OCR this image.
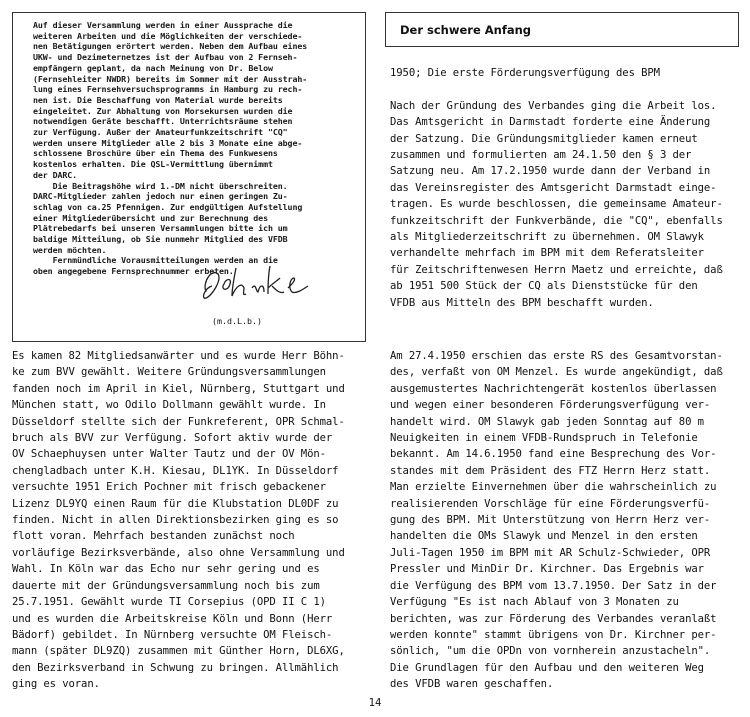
Auf dieser Versammlung werden in einer Aussprache die

weiteren Arbeiten und die Möglichkeiten der verschiede-

nen Betätigungen erörtert werden. Neben dem Aufbau eines

UKW- und Dezimeternetzes ist der Aufbau von 2 Fernseh-

empfängern geplant, da nach Meinung von Dr. Below

(Fernsehleiter NWDR) bereits im Sommer mit der Ausstrah-

lung eines Fernsehversuchsprogramms in Hamburg zu rech-

nen ist. Die Beschaffung von Material wurde bereits

eingeleitet. Zur Abhaltung von Morsekursen wurden die

notwendigen Geräte beschafft. Unterrichtsräume stehen

zur Verfügung. Außer der Amateurfunkzeitschrift "CQ"

werden unsere Mitglieder alle 2 bis 3 Monate eine abge-

schlossene Broschüre über ein Thema des Funkwesens

kostenlos erhalten. Die QSL-Vermittlung übernimmt

der DARC.

Die Beitragshöhe wird 1.-DM nicht überschreiten.

DARC-Mitglieder zahlen jedoch nur einen geringen Zu-

schlag von ca.25 Pfennigen. Zur endgültigen Aufstellung

einer Mitgliederübersicht und zur Berechnung des

Plätrebedarfs bei unseren Versammlungen bitte ich um

baldige Mitteilung, ob Sie nunmehr Mitglied des VFDB

werden möchten.

Fernmündliche Vorausmitteilungen werden an die

oben angegebene Fernsprechnummer erbeten.

(m.d.L.b.)
Der schwere Anfang

1950; Die erste Förderungsverfügung des BPM

Nach der Gründung des Verbandes ging die Arbeit los.

Das Amtsgericht in Darmstadt forderte eine Änderung

der Satzung. Die Gründungsmitglieder kamen erneut

zusammen und formulierten am 24.1.50 den § 3 der

Satzung neu. Am 17.2.1950 wurde dann der Verband in

das Vereinsregister des Amtsgericht Darmstadt einge-

tragen. Es wurde beschlossen, die gemeinsame Amateur-

funkzeitschrift der Funkverbände, die "CQ", ebenfalls

als Mitgliederzeitschrift zu übernehmen. OM Slawyk

verhandelte mehrfach im BPM mit dem Referatsleiter

für Zeitschriftenwesen Herrn Maetz und erreichte, daß

ab 1951 500 Stück der CQ als Dienststücke für den

VFDB aus Mitteln des BPM beschafft wurden.

Es kamen 82 Mitgliedsanwärter und es wurde Herr Böhn-

ke zum BVV gewählt. Weitere Gründungsversammlungen

fanden noch im April in Kiel, Nürnberg, Stuttgart und

München statt, wo Odilo Dollmann gewählt wurde. In

Düsseldorf stellte sich der Funkreferent, OPR Schmal-

bruch als BVV zur Verfügung. Sofort aktiv wurde der

OV Schaephuysen unter Walter Tautz und der OV Mön-

chengladbach unter K.H. Kiesau, DL1YK. In Düsseldorf

versuchte 1951 Erich Pochner mit frisch gebackener

Lizenz DL9YQ einen Raum für die Klubstation DL0DF zu

finden. Nicht in allen Direktionsbezirken ging es so

flott voran. Mehrfach bestanden zunächst noch

vorläufige Bezirksverbände, also ohne Versammlung und

Wahl. In Köln war das Echo nur sehr gering und es

dauerte mit der Gründungsversammlung noch bis zum

25.7.1951. Gewählt wurde TI Corsepius (OPD II C 1)

und es wurden die Arbeitskreise Köln und Bonn (Herr

Bädorf) gebildet. In Nürnberg versuchte OM Fleisch-

mann (später DL9ZQ) zusammen mit Günther Horn, DL6XG,

den Bezirksverband in Schwung zu bringen. Allmählich

ging es voran.

Am 27.4.1950 erschien das erste RS des Gesamtvorstan-

des, verfaßt von OM Menzel. Es wurde angekündigt, daß

ausgemustertes Nachrichtengerät kostenlos überlassen

und wegen einer besonderen Förderungsverfügung ver-

handelt wird. OM Slawyk gab jeden Sonntag auf 80 m

Neuigkeiten in einem VFDB-Rundspruch in Telefonie

bekannt. Am 14.6.1950 fand eine Besprechung des Vor-

standes mit dem Präsident des FTZ Herrn Herz statt.

Man erzielte Einvernehmen über die wahrscheinlich zu

realisierenden Vorschläge für eine Förderungsverfü-

gung des BPM. Mit Unterstützung von Herrn Herz ver-

handelten die OMs Slawyk und Menzel in den ersten

Juli-Tagen 1950 im BPM mit AR Schulz-Schwieder, OPR

Pressler und MinDir Dr. Kirchner. Das Ergebnis war

die Verfügung des BPM vom 13.7.1950. Der Satz in der

Verfügung "Es ist nach Ablauf von 3 Monaten zu

berichten, was zur Förderung des Verbandes veranlaßt

werden konnte" stammt übrigens von Dr. Kirchner per-

sönlich, "um die OPDn von vornherein anzustacheln".

Die Grundlagen für den Aufbau und den weiteren Weg

des VFDB waren geschaffen.

14
